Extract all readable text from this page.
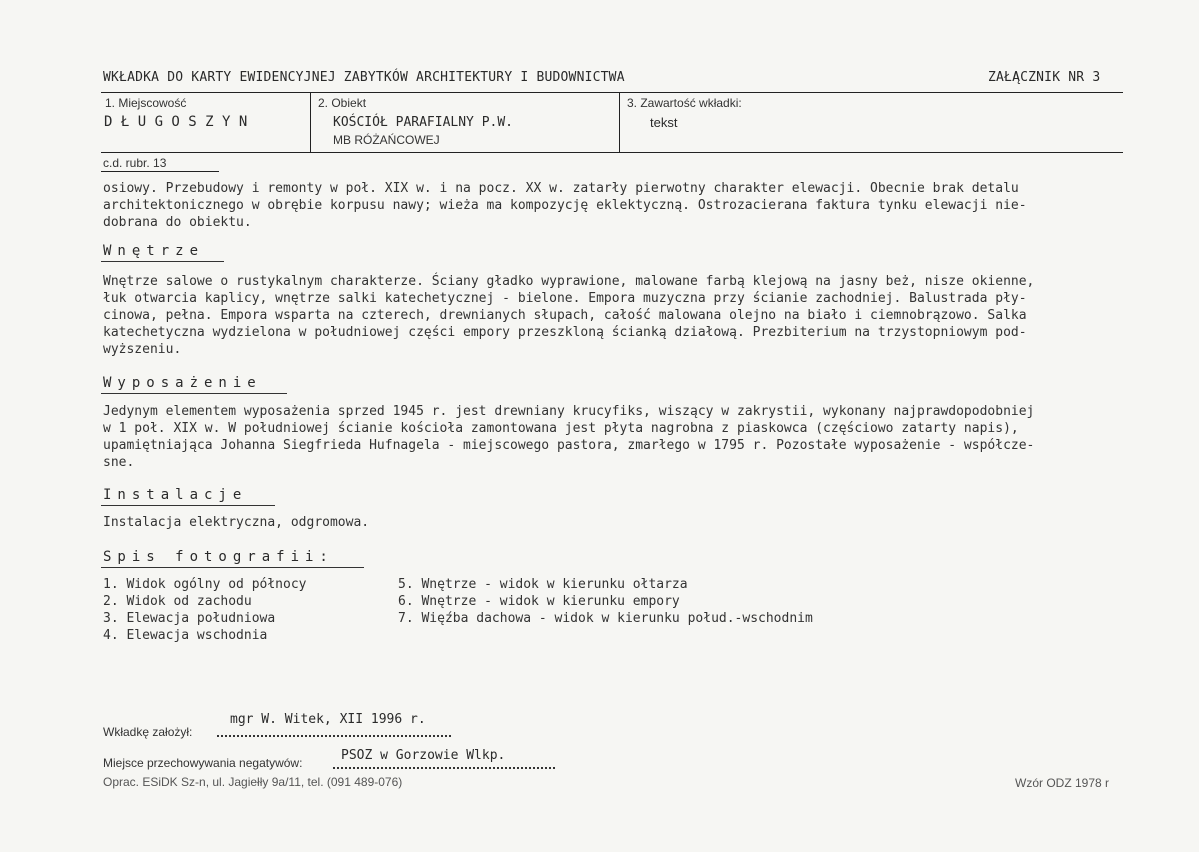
WKŁADKA DO KARTY EWIDENCYJNEJ ZABYTKÓW ARCHITEKTURY I BUDOWNICTWA	ZAŁĄCZNIK NR 3
1. Miejscowość
D Ł U G O S Z Y N
2. Obiekt
KOŚCIÓŁ PARAFIALNY P.W.
MB RÓŻAŃCOWEJ
3. Zawartość wkładki:
tekst
c.d. rubr. 13
osiowy. Przebudowy i remonty w poł. XIX w. i na pocz. XX w. zatarły pierwotny charakter elewacji. Obecnie brak detalu
architektonicznego w obrębie korpusu nawy; wieża ma kompozycję eklektyczną. Ostrozacierana faktura tynku elewacji nie-
dobrana do obiektu.
Wnętrze
Wnętrze salowe o rustykalnym charakterze. Ściany gładko wyprawione, malowane farbą klejową na jasny beż, nisze okienne,
łuk otwarcia kaplicy, wnętrze salki katechetycznej - bielone. Empora muzyczna przy ścianie zachodniej. Balustrada pły-
cinowa, pełna. Empora wsparta na czterech, drewnianych słupach, całość malowana olejno na biało i ciemnobrązowo. Salka
katechetyczna wydzielona w południowej części empory przeszkloną ścianką działową. Prezbiterium na trzystopniowym pod-
wyższeniu.
Wyposażenie
Jedynym elementem wyposażenia sprzed 1945 r. jest drewniany krucyfiks, wiszący w zakrystii, wykonany najprawdopodobniej
w 1 poł. XIX w. W południowej ścianie kościoła zamontowana jest płyta nagrobna z piaskowca (częściowo zatarty napis),
upamiętniająca Johanna Siegfrieda Hufnagela - miejscowego pastora, zmarłego w 1795 r. Pozostałe wyposażenie - współcze-
sne.
Instalacje
Instalacja elektryczna, odgromowa.
Spis fotografii:
1. Widok ogólny od północy
2. Widok od zachodu
3. Elewacja południowa
4. Elewacja wschodnia
5. Wnętrze - widok w kierunku ołtarza
6. Wnętrze - widok w kierunku empory
7. Więźba dachowa - widok w kierunku połud.-wschodnim
Wkładkę założył:
mgr W. Witek, XII 1996 r.
Miejsce przechowywania negatywów:	PSOZ w Gorzowie Wlkp.
Oprac. ESiDK Sz-n, ul. Jagiełły 9a/11, tel. (091 489-076)	Wzór ODZ 1978 r
